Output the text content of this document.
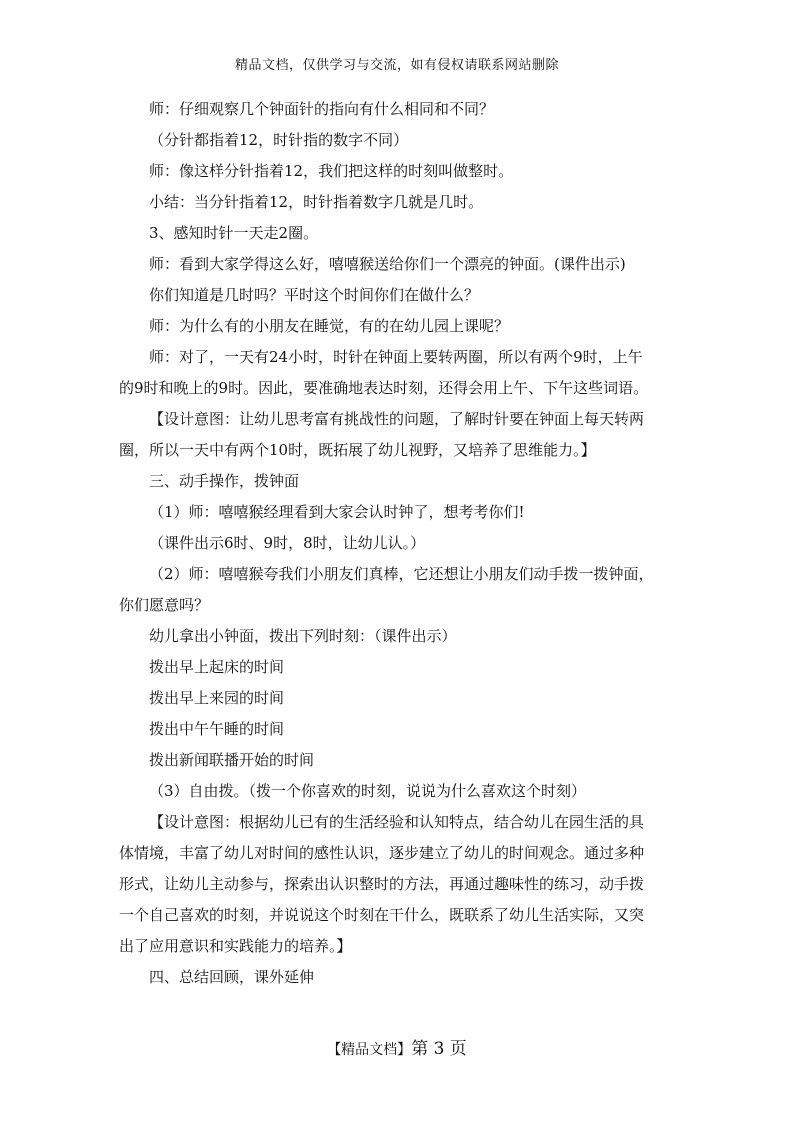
精品文档，仅供学习与交流，如有侵权请联系网站删除

师：仔细观察几个钟面针的指向有什么相同和不同？

（分针都指着12，时针指的数字不同）

师：像这样分针指着12，我们把这样的时刻叫做整时。

小结：当分针指着12，时针指着数字几就是几时。

3、感知时针一天走2圈。

师：看到大家学得这么好，嘻嘻猴送给你们一个漂亮的钟面。(课件出示)

你们知道是几时吗？平时这个时间你们在做什么？

师：为什么有的小朋友在睡觉，有的在幼儿园上课呢？

师：对了，一天有24小时，时针在钟面上要转两圈，所以有两个9时，上午

的9时和晚上的9时。因此，要准确地表达时刻，还得会用上午、下午这些词语。

【设计意图：让幼儿思考富有挑战性的问题，了解时针要在钟面上每天转两

圈，所以一天中有两个10时，既拓展了幼儿视野，又培养了思维能力。】

三、动手操作，拨钟面

（1）师：嘻嘻猴经理看到大家会认时钟了，想考考你们!

（课件出示6时、9时，8时，让幼儿认。）

（2）师：嘻嘻猴夸我们小朋友们真棒，它还想让小朋友们动手拨一拨钟面，

你们愿意吗？

幼儿拿出小钟面，拨出下列时刻：（课件出示）

拨出早上起床的时间

拨出早上来园的时间

拨出中午午睡的时间

拨出新闻联播开始的时间

（3）自由拨。（拨一个你喜欢的时刻，说说为什么喜欢这个时刻）

【设计意图：根据幼儿已有的生活经验和认知特点，结合幼儿在园生活的具

体情境，丰富了幼儿对时间的感性认识，逐步建立了幼儿的时间观念。通过多种

形式，让幼儿主动参与，探索出认识整时的方法，再通过趣味性的练习，动手拨

一个自己喜欢的时刻，并说说这个时刻在干什么，既联系了幼儿生活实际，又突

出了应用意识和实践能力的培养。】

四、总结回顾，课外延伸

【精品文档】第 3 页
